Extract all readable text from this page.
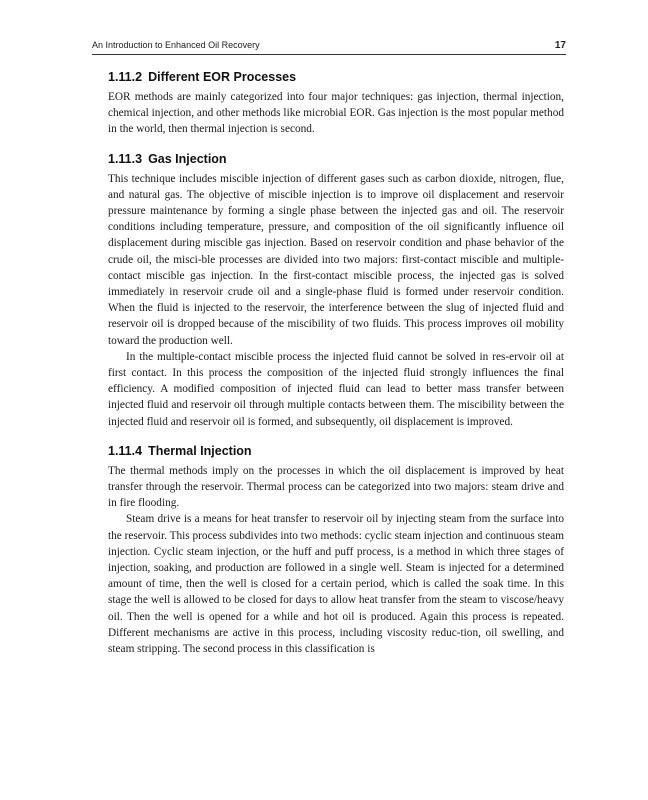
An Introduction to Enhanced Oil Recovery	17
1.11.2 Different EOR Processes

EOR methods are mainly categorized into four major techniques: gas injection, thermal injection, chemical injection, and other methods like microbial EOR. Gas injection is the most popular method in the world, then thermal injection is second.

1.11.3 Gas Injection

This technique includes miscible injection of different gases such as carbon dioxide, nitrogen, flue, and natural gas. The objective of miscible injection is to improve oil displacement and reservoir pressure maintenance by forming a single phase between the injected gas and oil. The reservoir conditions including temperature, pressure, and composition of the oil significantly influence oil displacement during miscible gas injection. Based on reservoir condition and phase behavior of the crude oil, the misci-ble processes are divided into two majors: first-contact miscible and multiple-contact miscible gas injection. In the first-contact miscible process, the injected gas is solved immediately in reservoir crude oil and a single-phase fluid is formed under reservoir condition. When the fluid is injected to the reservoir, the interference between the slug of injected fluid and reservoir oil is dropped because of the miscibility of two fluids. This process improves oil mobility toward the production well.

In the multiple-contact miscible process the injected fluid cannot be solved in res-ervoir oil at first contact. In this process the composition of the injected fluid strongly influences the final efficiency. A modified composition of injected fluid can lead to better mass transfer between injected fluid and reservoir oil through multiple contacts between them. The miscibility between the injected fluid and reservoir oil is formed, and subsequently, oil displacement is improved.

1.11.4 Thermal Injection

The thermal methods imply on the processes in which the oil displacement is improved by heat transfer through the reservoir. Thermal process can be categorized into two majors: steam drive and in fire flooding.

Steam drive is a means for heat transfer to reservoir oil by injecting steam from the surface into the reservoir. This process subdivides into two methods: cyclic steam injection and continuous steam injection. Cyclic steam injection, or the huff and puff process, is a method in which three stages of injection, soaking, and production are followed in a single well. Steam is injected for a determined amount of time, then the well is closed for a certain period, which is called the soak time. In this stage the well is allowed to be closed for days to allow heat transfer from the steam to viscose/heavy oil. Then the well is opened for a while and hot oil is produced. Again this process is repeated. Different mechanisms are active in this process, including viscosity reduc-tion, oil swelling, and steam stripping. The second process in this classification is
